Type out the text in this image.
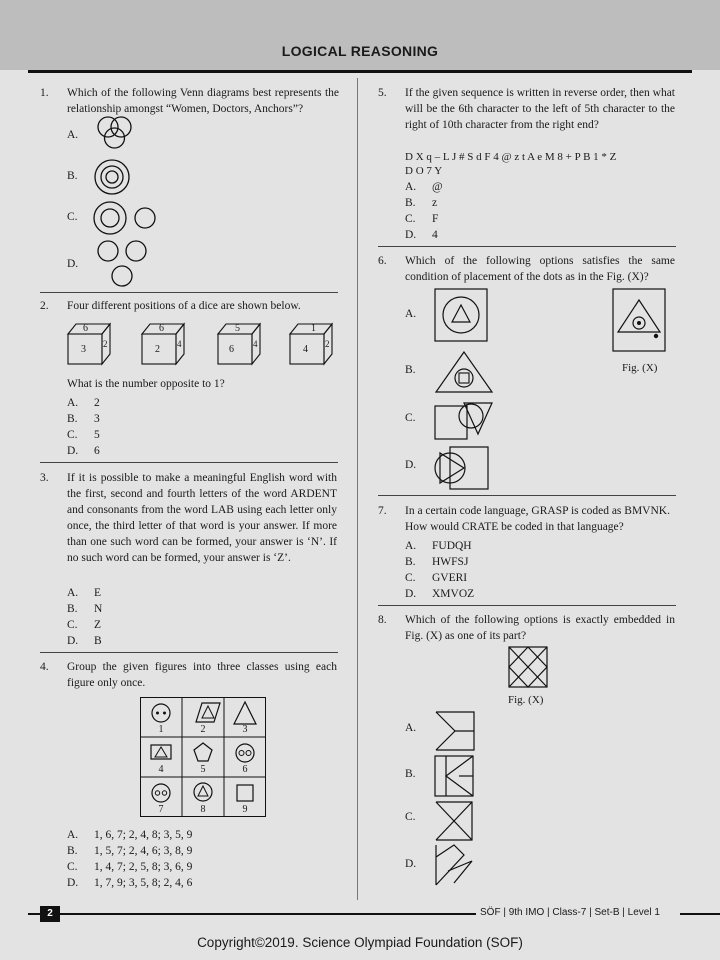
LOGICAL REASONING
1. Which of the following Venn diagrams best represents the relationship amongst “Women, Doctors, Anchors”?
A.
B.
C.
D.
2. Four different positions of a dice are shown below.
6
3 2
6
2 4
5
6 4
1
4 2
What is the number opposite to 1?
A. 2
B. 3
C. 5
D. 6
3. If it is possible to make a meaningful English word with the first, second and fourth letters of the word ARDENT and consonants from the word LAB using each letter only once, the third letter of that word is your answer. If more than one such word can be formed, your answer is ‘N’. If no such word can be formed, your answer is ‘Z’.
A. E
B. N
C. Z
D. B
4. Group the given figures into three classes using each figure only once.
1	2	3
4	5	6
7	8	9
A. 1, 6, 7; 2, 4, 8; 3, 5, 9
B. 1, 5, 7; 2, 4, 6; 3, 8, 9
C. 1, 4, 7; 2, 5, 8; 3, 6, 9
D. 1, 7, 9; 3, 5, 8; 2, 4, 6
5. If the given sequence is written in reverse order, then what will be the 6th character to the left of 5th character to the right of 10th character from the right end?
D X q – L J # S d F 4 @ z t A e M 8 + P B 1 * Z
D O 7 Y
A. @
B. z
C. F
D. 4
6. Which of the following options satisfies the same condition of placement of the dots as in the Fig. (X)?
Fig. (X)
A.
B.
C.
D.
7. In a certain code language, GRASP is coded as BMVNK. How would CRATE be coded in that language?
A. FUDQH
B. HWFSJ
C. GVERI
D. XMVOZ
8. Which of the following options is exactly embedded in Fig. (X) as one of its part?
Fig. (X)
A.
B.
C.
D.
2	SÖF | 9th IMO | Class-7 | Set-B | Level 1
Copyright©2019. Science Olympiad Foundation (SOF)
